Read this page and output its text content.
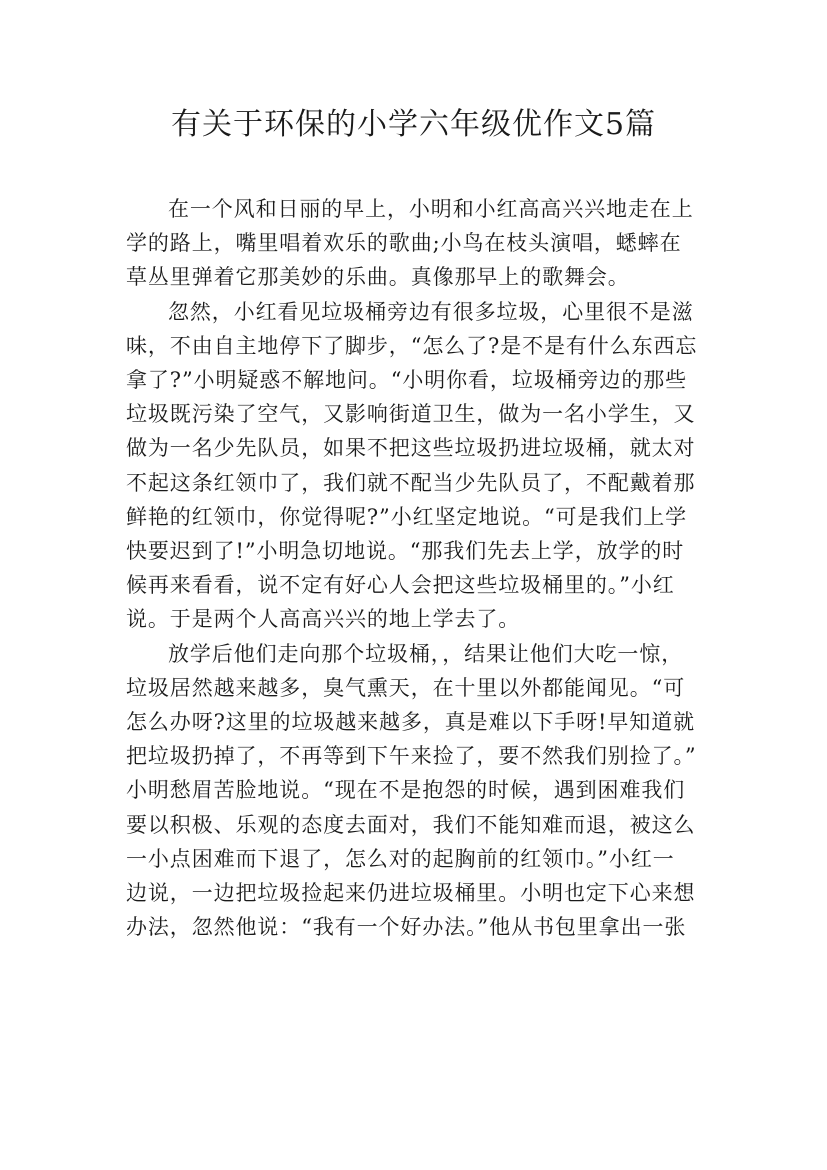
有关于环保的小学六年级优作文5篇

在一个风和日丽的早上，小明和小红高高兴兴地走在上
学的路上，嘴里唱着欢乐的歌曲;小鸟在枝头演唱，蟋蟀在
草丛里弹着它那美妙的乐曲。真像那早上的歌舞会。

忽然，小红看见垃圾桶旁边有很多垃圾，心里很不是滋
味，不由自主地停下了脚步，“怎么了?是不是有什么东西忘
拿了?”小明疑惑不解地问。“小明你看，垃圾桶旁边的那些
垃圾既污染了空气，又影响街道卫生，做为一名小学生，又
做为一名少先队员，如果不把这些垃圾扔进垃圾桶，就太对
不起这条红领巾了，我们就不配当少先队员了，不配戴着那
鲜艳的红领巾，你觉得呢?”小红坚定地说。“可是我们上学
快要迟到了!”小明急切地说。“那我们先去上学，放学的时
候再来看看，说不定有好心人会把这些垃圾桶里的。”小红
说。于是两个人高高兴兴的地上学去了。

放学后他们走向那个垃圾桶，，结果让他们大吃一惊，
垃圾居然越来越多，臭气熏天，在十里以外都能闻见。“可
怎么办呀?这里的垃圾越来越多，真是难以下手呀!早知道就
把垃圾扔掉了，不再等到下午来捡了，要不然我们别捡了。”
小明愁眉苦脸地说。“现在不是抱怨的时候，遇到困难我们
要以积极、乐观的态度去面对，我们不能知难而退，被这么
一小点困难而下退了，怎么对的起胸前的红领巾。”小红一
边说，一边把垃圾捡起来仍进垃圾桶里。小明也定下心来想
办法，忽然他说：“我有一个好办法。”他从书包里拿出一张
